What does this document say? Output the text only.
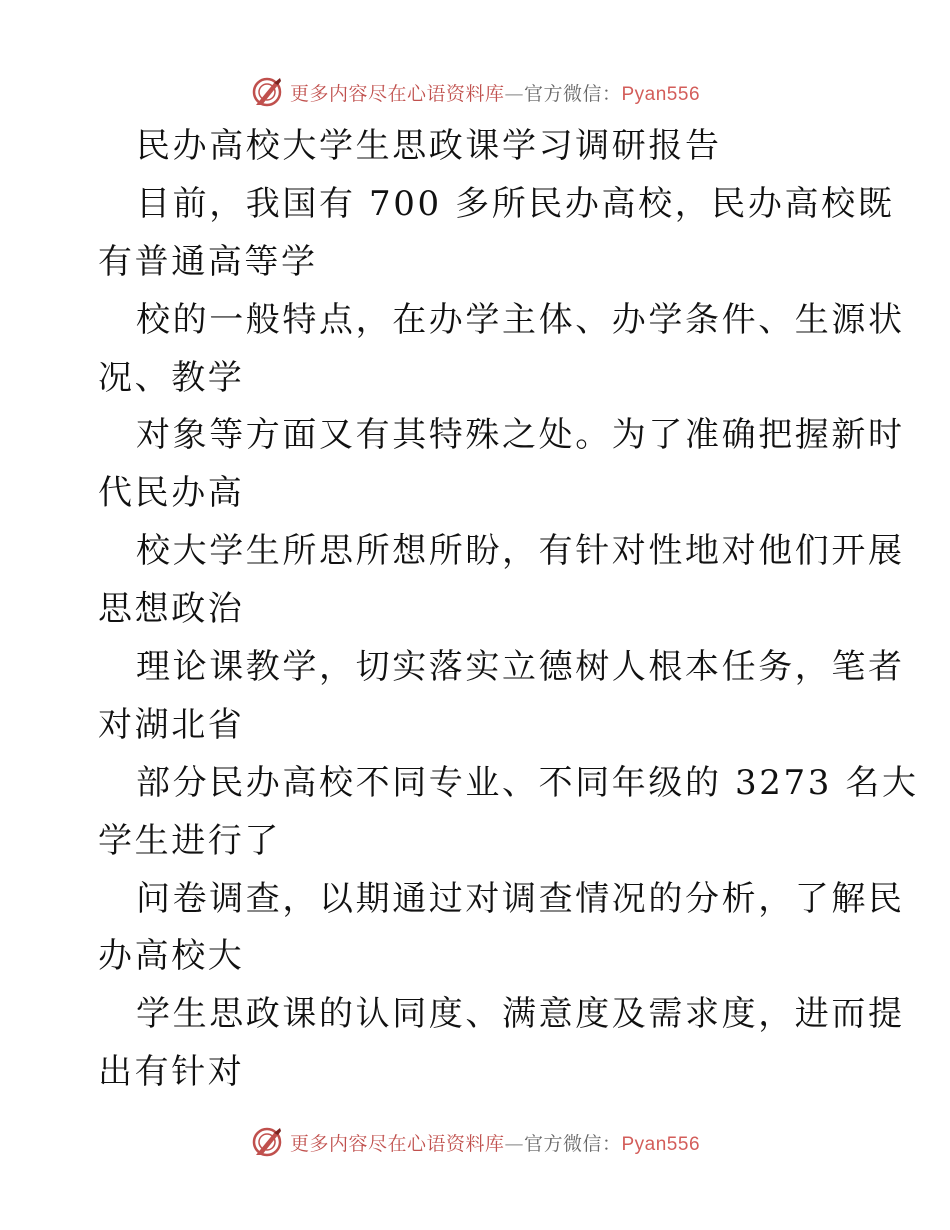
更多内容尽在心语资料库—官方微信：Pyan556
民办高校大学生思政课学习调研报告
目前，我国有 700 多所民办高校，民办高校既
有普通高等学
校的一般特点，在办学主体、办学条件、生源状
况、教学
对象等方面又有其特殊之处。为了准确把握新时
代民办高
校大学生所思所想所盼，有针对性地对他们开展
思想政治
理论课教学，切实落实立德树人根本任务，笔者
对湖北省
部分民办高校不同专业、不同年级的 3273 名大
学生进行了
问卷调查，以期通过对调查情况的分析，了解民
办高校大
学生思政课的认同度、满意度及需求度，进而提
出有针对
更多内容尽在心语资料库—官方微信：Pyan556
